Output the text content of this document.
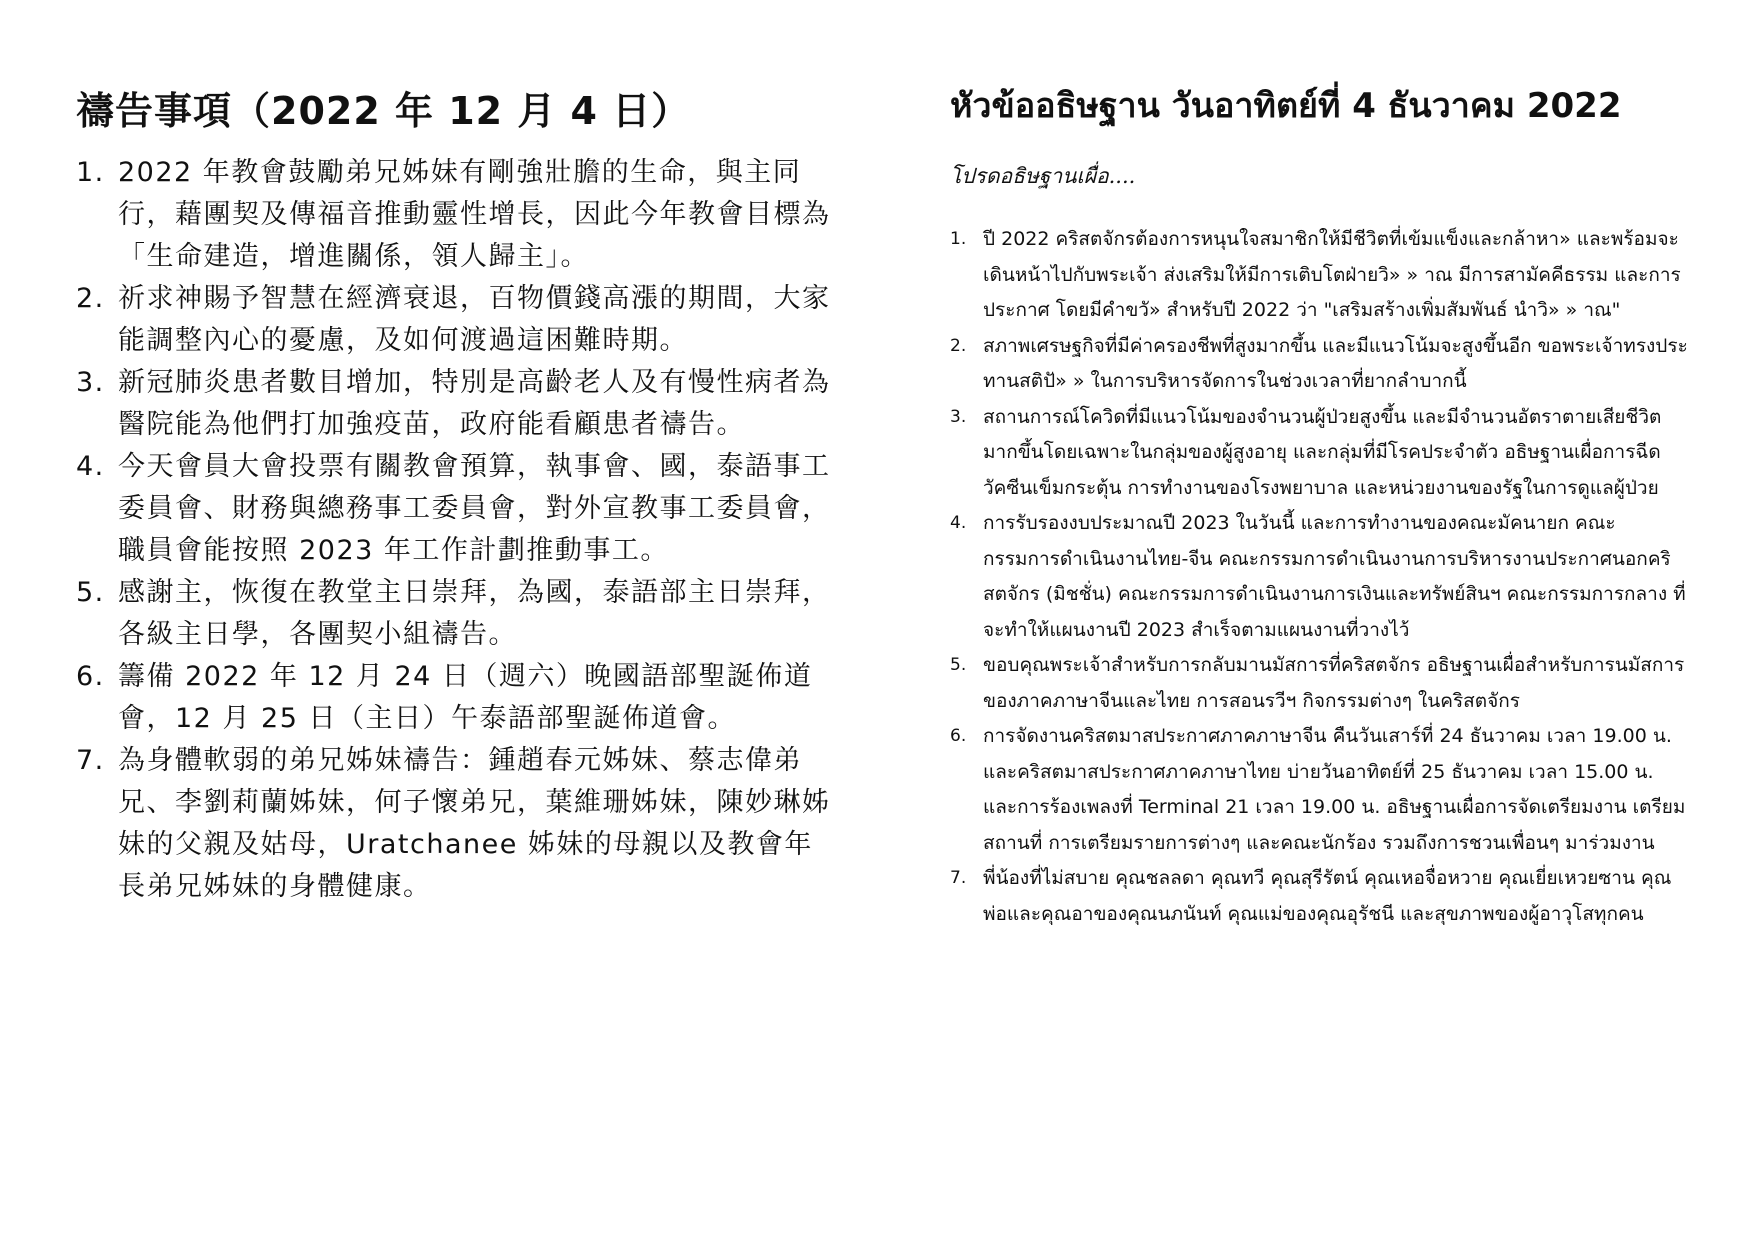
禱告事項（2022 年 12 月 4 日）
1. 2022 年教會鼓勵弟兄姊妹有剛強壯膽的生命，與主同行，藉團契及傳福音推動靈性增長，因此今年教會目標為「生命建造，增進關係，領人歸主」。
2. 祈求神賜予智慧在經濟衰退，百物價錢高漲的期間，大家能調整內心的憂慮，及如何渡過這困難時期。
3. 新冠肺炎患者數目增加，特別是高齡老人及有慢性病者為醫院能為他們打加強疫苗，政府能看顧患者禱告。
4. 今天會員大會投票有關教會預算，執事會、國，泰語事工委員會、財務與總務事工委員會，對外宣教事工委員會，職員會能按照 2023 年工作計劃推動事工。
5. 感謝主，恢復在教堂主日崇拜，為國，泰語部主日崇拜，各級主日學，各團契小組禱告。
6. 籌備 2022 年 12 月 24 日（週六）晚國語部聖誕佈道會，12 月 25 日（主日）午泰語部聖誕佈道會。
7. 為身體軟弱的弟兄姊妹禱告：鍾趙春元姊妹、蔡志偉弟兄、李劉莉蘭姊妹，何子懷弟兄，葉維珊姊妹，陳妙琳姊妹的父親及姑母，Uratchanee 姊妹的母親以及教會年長弟兄姊妹的身體健康。
หัวข้ออธิษฐาน วันอาทิตย์ที่ 4 ธันวาคม 2022
โปรดอธิษฐานเผื่อ....
1. ปี 2022 คริสตจักรต้องการหนุนใจสมาชิกให้มีชีวิตที่เข้มแข็งและกล้าหา» และพร้อมจะเดินหน้าไปกับพระเจ้า ส่งเสริมให้มีการเติบโตฝ่ายวิ» » าณ มีการสามัคคีธรรม และการประกาศ โดยมีคำขวั» สำหรับปี 2022 ว่า "เสริมสร้างเพิ่มสัมพันธ์ นำวิ» » าณ"
2. สภาพเศรษฐกิจที่มีค่าครองชีพที่สูงมากขึ้น และมีแนวโน้มจะสูงขึ้นอีก ขอพระเจ้าทรงประทานสติปั» » ในการบริหารจัดการในช่วงเวลาที่ยากลำบากนี้
3. สถานการณ์โควิดที่มีแนวโน้มของจำนวนผู้ป่วยสูงขึ้น และมีจำนวนอัตราตายเสียชีวิตมากขึ้นโดยเฉพาะในกลุ่มของผู้สูงอายุ และกลุ่มที่มีโรคประจำตัว อธิษฐานเผื่อการฉีดวัคซีนเข็มกระตุ้น การทำงานของโรงพยาบาล และหน่วยงานของรัฐในการดูแลผู้ป่วย
4. การรับรองงบประมาณปี 2023 ในวันนี้ และการทำงานของคณะมัคนายก คณะกรรมการดำเนินงานไทย-จีน คณะกรรมการดำเนินงานการบริหารงานประกาศนอกคริสตจักร (มิชชั่น) คณะกรรมการดำเนินงานการเงินและทรัพย์สินฯ คณะกรรมการกลาง ที่จะทำให้แผนงานปี 2023 สำเร็จตามแผนงานที่วางไว้
5. ขอบคุณพระเจ้าสำหรับการกลับมานมัสการที่คริสตจักร อธิษฐานเผื่อสำหรับการนมัสการของภาคภาษาจีนและไทย การสอนรวีฯ กิจกรรมต่างๆ ในคริสตจักร
6. การจัดงานคริสตมาสประกาศภาคภาษาจีน คืนวันเสาร์ที่ 24 ธันวาคม เวลา 19.00 น. และคริสตมาสประกาศภาคภาษาไทย บ่ายวันอาทิตย์ที่ 25 ธันวาคม เวลา 15.00 น. และการร้องเพลงที่ Terminal 21 เวลา 19.00 น. อธิษฐานเผื่อการจัดเตรียมงาน เตรียมสถานที่ การเตรียมรายการต่างๆ และคณะนักร้อง รวมถึงการชวนเพื่อนๆ มาร่วมงาน
7. พี่น้องที่ไม่สบาย คุณชลลดา คุณทวี คุณสุรีรัตน์ คุณเหอจื่อหวาย คุณเยี่ยเหวยซาน คุณพ่อและคุณอาของคุณนภนันท์ คุณแม่ของคุณอุรัชนี และสุขภาพของผู้อาวุโสทุกคน
